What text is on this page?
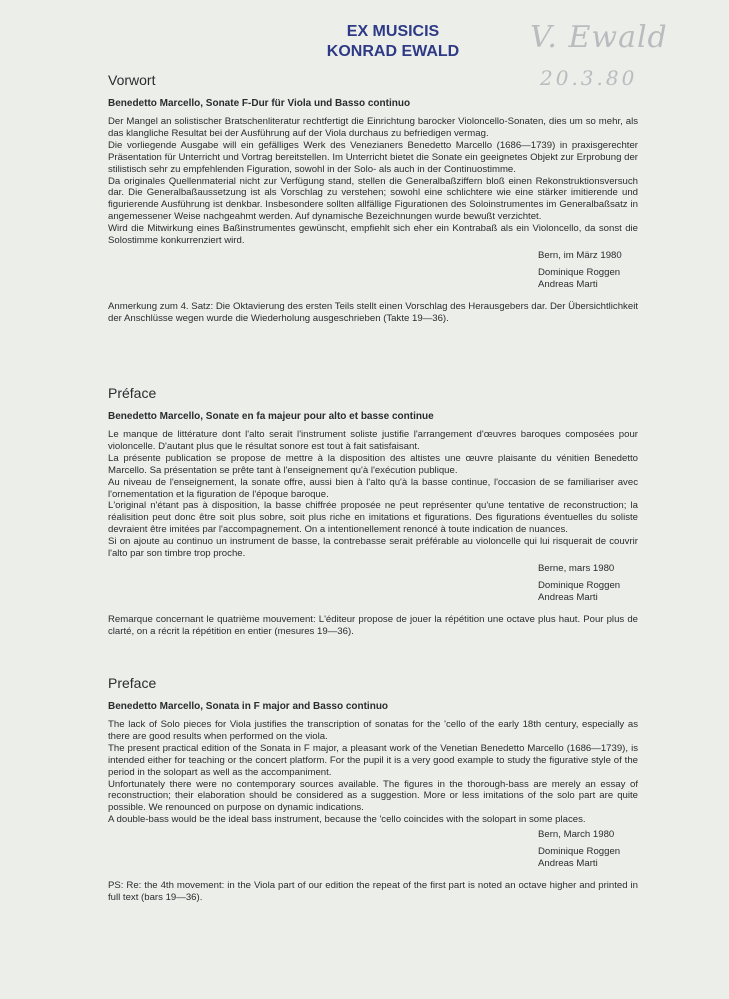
EX MUSICIS
KONRAD EWALD V. Ewald
20.3.80
Vorwort
Benedetto Marcello, Sonate F-Dur für Viola und Basso continuo

Der Mangel an solistischer Bratschenliteratur rechtfertigt die Einrichtung barocker Violoncello-Sonaten, dies um so mehr, als das klangliche Resultat bei der Ausführung auf der Viola durchaus zu befriedigen vermag.

Die vorliegende Ausgabe will ein gefälliges Werk des Venezianers Benedetto Marcello (1686—1739) in praxisgerechter Präsentation für Unterricht und Vortrag bereitstellen. Im Unterricht bietet die Sonate ein geeignetes Objekt zur Erprobung der stilistisch sehr zu empfehlenden Figuration, sowohl in der Solo- als auch in der Continuostimme.

Da originales Quellenmaterial nicht zur Verfügung stand, stellen die Generalbaßziffern bloß einen Rekonstruktionsversuch dar. Die Generalbaßaussetzung ist als Vorschlag zu verstehen; sowohl eine schlichtere wie eine stärker imitierende und figurierende Ausführung ist denkbar. Insbesondere sollten allfällige Figurationen des Soloinstrumentes im Generalbaßsatz in angemessener Weise nachgeahmt werden. Auf dynamische Bezeichnungen wurde bewußt verzichtet.

Wird die Mitwirkung eines Baßinstrumentes gewünscht, empfiehlt sich eher ein Kontrabaß als ein Violoncello, da sonst die Solostimme konkurrenziert wird.

Bern, im März 1980
Dominique Roggen
Andreas Marti
Anmerkung zum 4. Satz: Die Oktavierung des ersten Teils stellt einen Vorschlag des Herausgebers dar. Der Übersichtlichkeit der Anschlüsse wegen wurde die Wiederholung ausgeschrieben (Takte 19—36).
Préface
Benedetto Marcello, Sonate en fa majeur pour alto et basse continue

Le manque de littérature dont l'alto serait l'instrument soliste justifie l'arrangement d'œuvres baroques composées pour violoncelle. D'autant plus que le résultat sonore est tout à fait satisfaisant.

La présente publication se propose de mettre à la disposition des altistes une œuvre plaisante du vénitien Benedetto Marcello. Sa présentation se prête tant à l'enseignement qu'à l'exécution publique.

Au niveau de l'enseignement, la sonate offre, aussi bien à l'alto qu'à la basse continue, l'occasion de se familiariser avec l'ornementation et la figuration de l'époque baroque.

L'original n'étant pas à disposition, la basse chiffrée proposée ne peut représenter qu'une tentative de reconstruction; la réalisition peut donc être soit plus sobre, soit plus riche en imitations et figurations. Des figurations éventuelles du soliste devraient être imitées par l'accompagnement. On a intentionellement renoncé à toute indication de nuances.

Si on ajoute au continuo un instrument de basse, la contrebasse serait préférable au violoncelle qui lui risquerait de couvrir l'alto par son timbre trop proche.

Berne, mars 1980
Dominique Roggen
Andreas Marti
Remarque concernant le quatrième mouvement: L'éditeur propose de jouer la répétition une octave plus haut. Pour plus de clarté, on a récrit la répétition en entier (mesures 19—36).
Preface
Benedetto Marcello, Sonata in F major and Basso continuo

The lack of Solo pieces for Viola justifies the transcription of sonatas for the 'cello of the early 18th century, especially as there are good results when performed on the viola.

The present practical edition of the Sonata in F major, a pleasant work of the Venetian Benedetto Marcello (1686—1739), is intended either for teaching or the concert platform. For the pupil it is a very good example to study the figurative style of the period in the solopart as well as the accompaniment.

Unfortunately there were no contemporary sources available. The figures in the thorough-bass are merely an essay of reconstruction; their elaboration should be considered as a suggestion. More or less imitations of the solo part are quite possible. We renounced on purpose on dynamic indications.

A double-bass would be the ideal bass instrument, because the 'cello coincides with the solopart in some places.

Bern, March 1980
Dominique Roggen
Andreas Marti
PS: Re: the 4th movement: in the Viola part of our edition the repeat of the first part is noted an octave higher and printed in full text (bars 19—36).
